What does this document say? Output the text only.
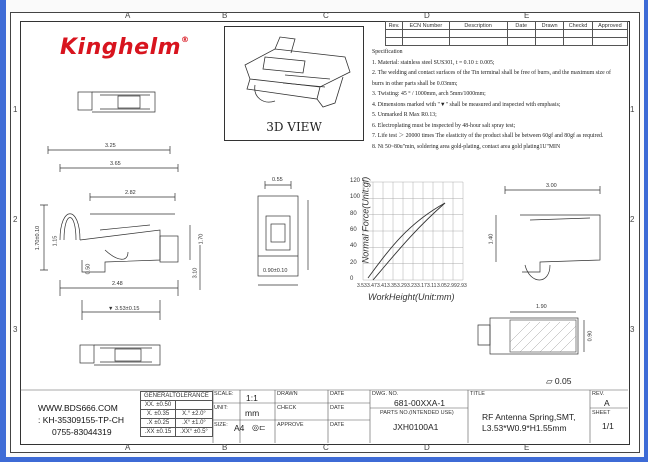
A	B	C	D	E
A	B	C	D	E
1
2
3
1
2
3
Kinghelm®
3D VIEW
Rev.	ECN Number	Description	Date	Drawn	Checkd	Approved

Specification
1. Material: stainless steel SUS301, t = 0.10 ± 0.005;
2. The welding and contact surfaces of the Tin terminal shall be free of burrs, and the maximum size of burrs in other parts shall be 0.03mm;
3. Twisting: 45 ° / 1000mm, arch 5mm/1000mm;
4. Dimensions marked with "▼" shall be measured and inspected with emphasis;
5. Unmarked R Max R0.13;
6. Electroplating must be inspected by 48-hour salt spray test;
7. Life test ＞ 20000 times The elasticity of the product shall be between 60gf and 80gf as required.
8. Ni 50~80u"min, soldering area gold-plating, contact area gold plating1U"MIN
3.25
3.65
2.82
1.70±0.10 1.15
0.50
2.48
▼ 3.53±0.15
0.55
0.90±0.10
1.70
3.10
3.00
1.40
1.90
0.90
⏥ 0.05
Normal Force(Unit:gf)
WorkHeight(Unit:mm)
120
100
80
60
40
20
0
3.53 3.47 3.41 3.35 3.29 3.23 3.17 3.11 3.05 2.99 2.93
WWW.BDS666.COM
: KH-35309155-TP-CH
0755-83044319
GENERALTOLERANCE	
XX. ±0.50	
X. ±0.35	X.° ±2.0°
.X ±0.25	.X° ±1.0°
.XX ±0.15	.XX° ±0.5°
SCALE: 1:1
UNIT: mm
SIZE: A4 ◎⊏
DRAWN
CHECK
APPROVE
DATE
DATE
DATE
DWG. NO.
681-00XXA-1
PARTS NO.(INTENDED USE)
JXH0100A1
TITLE
RF Antenna Spring,SMT,
L3.53*W0.9*H1.55mm
REV.
A
SHEET
1/1
